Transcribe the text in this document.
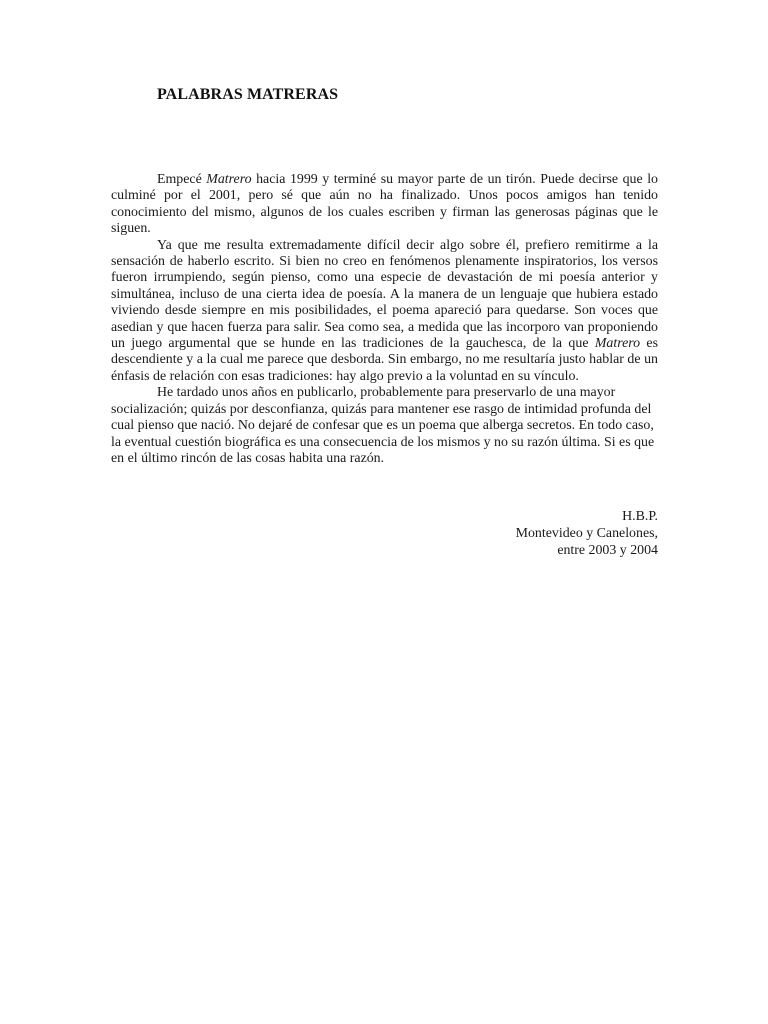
PALABRAS MATRERAS

Empecé Matrero hacia 1999 y terminé su mayor parte de un tirón. Puede decirse que lo culminé por el 2001, pero sé que aún no ha finalizado. Unos pocos amigos han tenido conocimiento del mismo, algunos de los cuales escriben y firman las generosas páginas que le siguen.

Ya que me resulta extremadamente difícil decir algo sobre él, prefiero remitirme a la sensación de haberlo escrito. Si bien no creo en fenómenos plenamente inspiratorios, los versos fueron irrumpiendo, según pienso, como una especie de devastación de mi poesía anterior y simultánea, incluso de una cierta idea de poesía. A la manera de un lenguaje que hubiera estado viviendo desde siempre en mis posibilidades, el poema apareció para quedarse. Son voces que asedian y que hacen fuerza para salir. Sea como sea, a medida que las incorporo van proponiendo un juego argumental que se hunde en las tradiciones de la gauchesca, de la que Matrero es descendiente y a la cual me parece que desborda. Sin embargo, no me resultaría justo hablar de un énfasis de relación con esas tradiciones: hay algo previo a la voluntad en su vínculo.

He tardado unos años en publicarlo, probablemente para preservarlo de una mayor socialización; quizás por desconfianza, quizás para mantener ese rasgo de intimidad profunda del cual pienso que nació. No dejaré de confesar que es un poema que alberga secretos. En todo caso, la eventual cuestión biográfica es una consecuencia de los mismos y no su razón última. Si es que en el último rincón de las cosas habita una razón.

H.B.P.
Montevideo y Canelones,
entre 2003 y 2004
